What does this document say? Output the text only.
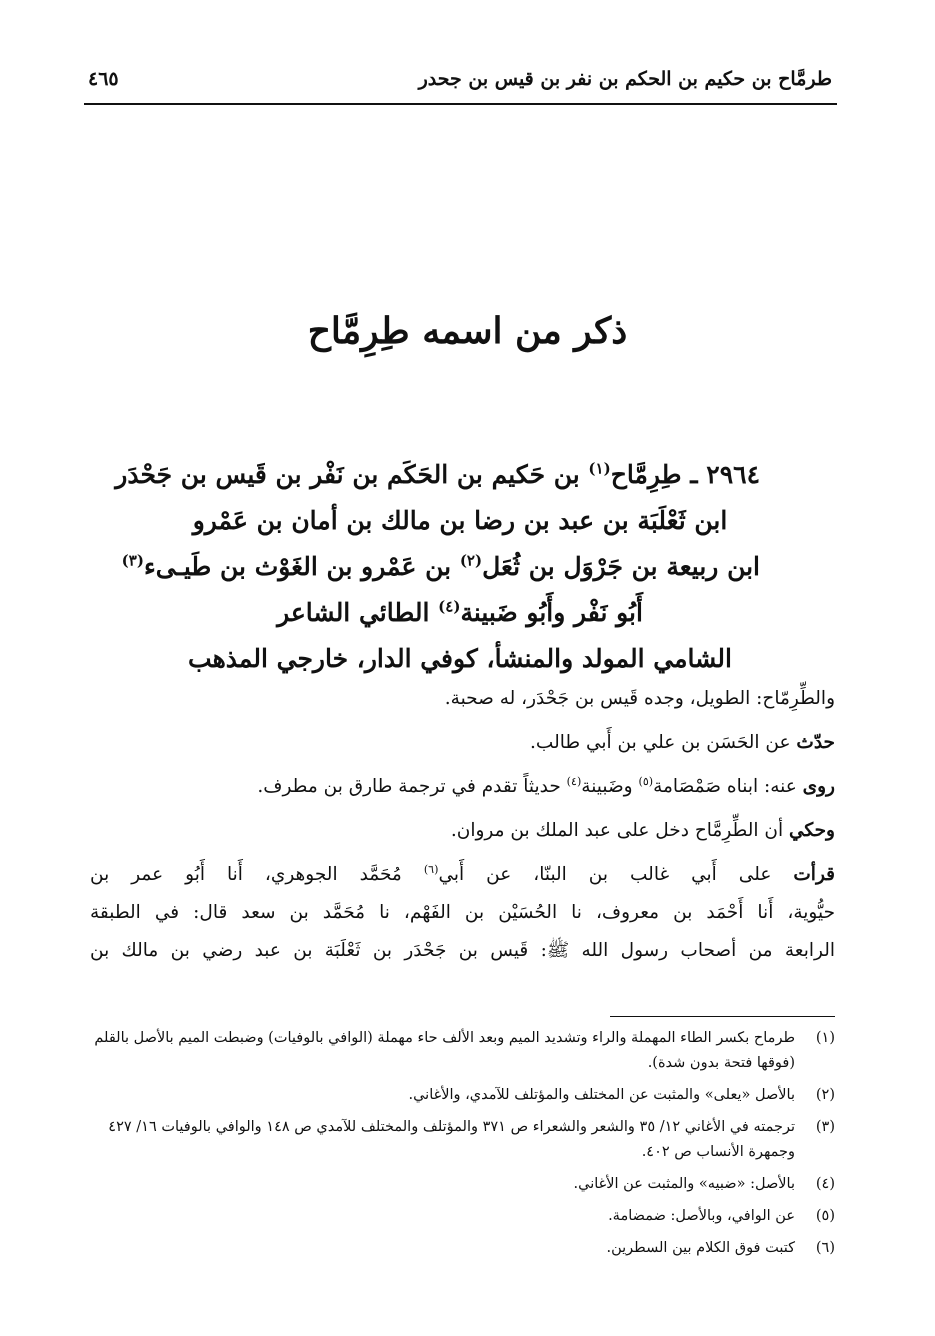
طرمَّاح بن حكيم بن الحكم بن نفر بن قيس بن جحدر
٤٦٥
ذكر من اسمه طِرِمَّاح
٢٩٦٤ ـ طِرِمَّاح$^{(١)}$ بن حَكيم بن الحَكَم بن نَفْر بن قَيس بن جَحْدَر
ابن ثَعْلَبَة بن عبد بن رضا بن مالك بن أمان بن عَمْرو
ابن ربيعة بن جَرْوَل بن ثُعَل$^{(٢)}$ بن عَمْرو بن الغَوْث بن طَيـىء$^{(٣)}$
أَبُو نَفْر وأَبُو ضَبينة$^{(٤)}$ الطائي الشاعر
الشامي المولد والمنشأ، كوفي الدار، خارجي المذهب
والطِّرِمّاح: الطويل، وجده قَيس بن جَحْدَر، له صحبة.
حدّث عن الحَسَن بن علي بن أَبي طالب.
روى عنه: ابناه صَمْصَامة$^{(٥)}$ وضَبينة$^{(٤)}$ حديثاً تقدم في ترجمة طارق بن مطرف.
وحكي أن الطِّرِمَّاح دخل على عبد الملك بن مروان.
قرأت على أَبي غالب بن البنّا، عن أَبي$^{(٦)}$ مُحَمَّد الجوهري، أَنا أَبُو عمر بن
حيُّوية، أَنا أَحْمَد بن معروف، نا الحُسَيْن بن الفَهْم، نا مُحَمَّد بن سعد قال: في الطبقة
الرابعة من أصحاب رسول الله ﷺ: قَيس بن جَحْدَر بن ثَعْلَبَة بن عبد رضي بن مالك بن
(١)
طرماح بكسر الطاء المهملة والراء وتشديد الميم وبعد الألف حاء مهملة (الوافي بالوفيات) وضبطت الميم بالأصل بالقلم (فوقها فتحة بدون شدة).
(٢)
بالأصل «يعلى» والمثبت عن المختلف والمؤتلف للآمدي، والأغاني.
(٣)
ترجمته في الأغاني ١٢/ ٣٥ والشعر والشعراء ص ٣٧١ والمؤتلف والمختلف للآمدي ص ١٤٨ والوافي بالوفيات ١٦/ ٤٢٧ وجمهرة الأنساب ص ٤٠٢.
(٤)
بالأصل: «ضبيه» والمثبت عن الأغاني.
(٥)
عن الوافي، وبالأصل: ضمضامة.
(٦)
كتبت فوق الكلام بين السطرين.
